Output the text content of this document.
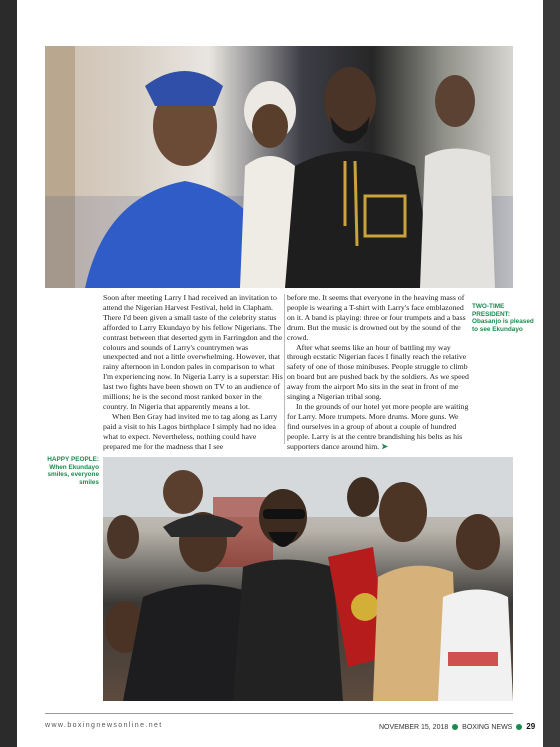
TWO-TIME PRESIDENT:
Obasanjo is pleased to see Ekundayo

Soon after meeting Larry I had received an invitation to attend the Nigerian Harvest Festival, held in Clapham. There I'd been given a small taste of the celebrity status afforded to Larry Ekundayo by his fellow Nigerians. The contrast between that deserted gym in Farringdon and the colours and sounds of Larry's countrymen was unexpected and not a little overwhelming. However, that rainy afternoon in London pales in comparison to what I'm experiencing now. In Nigeria Larry is a superstar: His last two fights have been shown on TV to an audience of millions; he is the second most ranked boxer in the country. In Nigeria that apparently means a lot.

When Ben Gray had invited me to tag along as Larry paid a visit to his Lagos birthplace I simply had no idea what to expect. Nevertheless, nothing could have prepared me for the madness that I see

before me. It seems that everyone in the heaving mass of people is wearing a T-shirt with Larry's face emblazoned on it. A band is playing: three or four trumpets and a bass drum. But the music is drowned out by the sound of the crowd.

After what seems like an hour of battling my way through ecstatic Nigerian faces I finally reach the relative safety of one of those minibuses. People struggle to climb on board but are pushed back by the soldiers. As we speed away from the airport Mo sits in the seat in front of me singing a Nigerian tribal song.

In the grounds of our hotel yet more people are waiting for Larry. More trumpets. More drums. More guns. We find ourselves in a group of about a couple of hundred people. Larry is at the centre brandishing his belts as his supporters dance around him. ➤

HAPPY PEOPLE:
When Ekundayo smiles, everyone smiles
www.boxingnewsonline.net	NOVEMBER 15, 2018 BOXING NEWS 29
